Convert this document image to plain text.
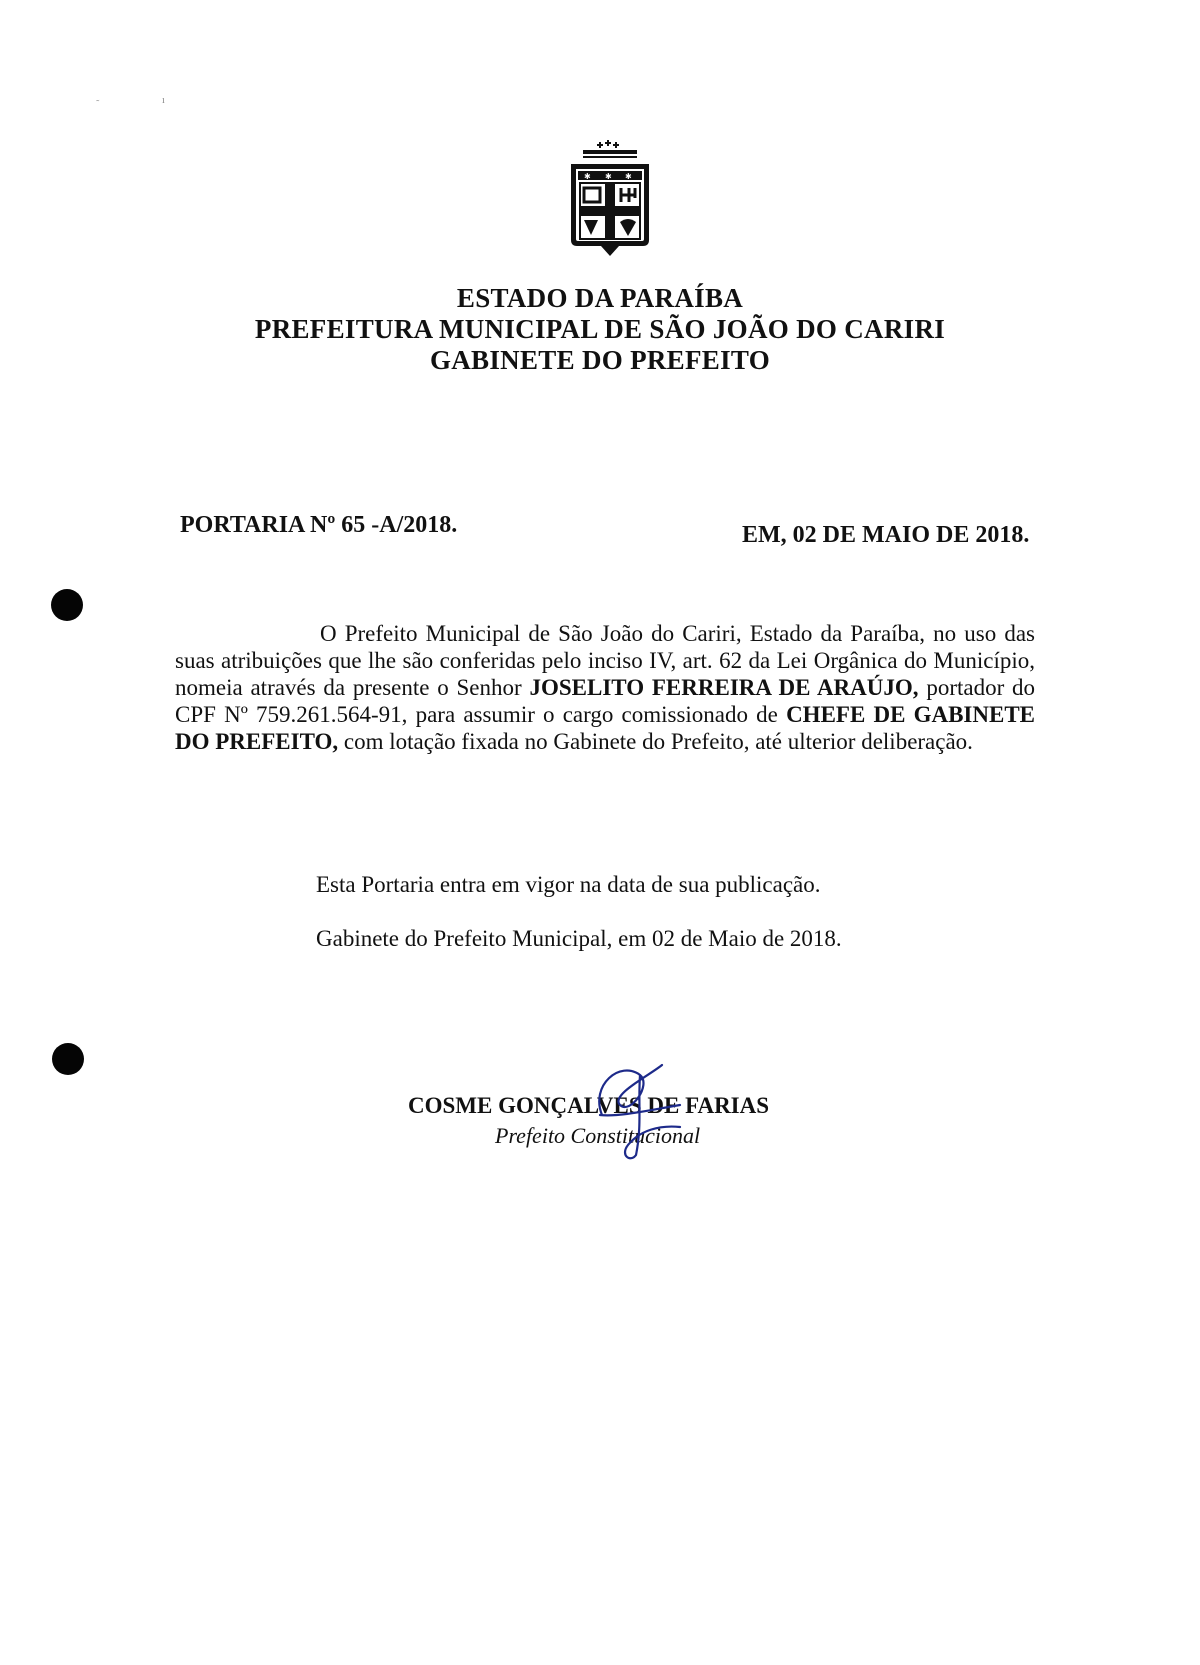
˜	ı
✱ ✱ ✱
ESTADO DA PARAÍBA
PREFEITURA MUNICIPAL DE SÃO JOÃO DO CARIRI
GABINETE DO PREFEITO
PORTARIA Nº 65 -A/2018.	EM, 02 DE MAIO DE 2018.
O Prefeito Municipal de São João do Cariri, Estado da Paraíba, no uso das suas atribuições que lhe são conferidas pelo inciso IV, art. 62 da Lei Orgânica do Município, nomeia através da presente o Senhor JOSELITO FERREIRA DE ARAÚJO, portador do CPF Nº 759.261.564-91, para assumir o cargo comissionado de CHEFE DE GABINETE DO PREFEITO, com lotação fixada no Gabinete do Prefeito, até ulterior deliberação.
Esta Portaria entra em vigor na data de sua publicação.
Gabinete do Prefeito Municipal, em 02 de Maio de 2018.
COSME GONÇALVES DE FARIAS
Prefeito Constitucional
